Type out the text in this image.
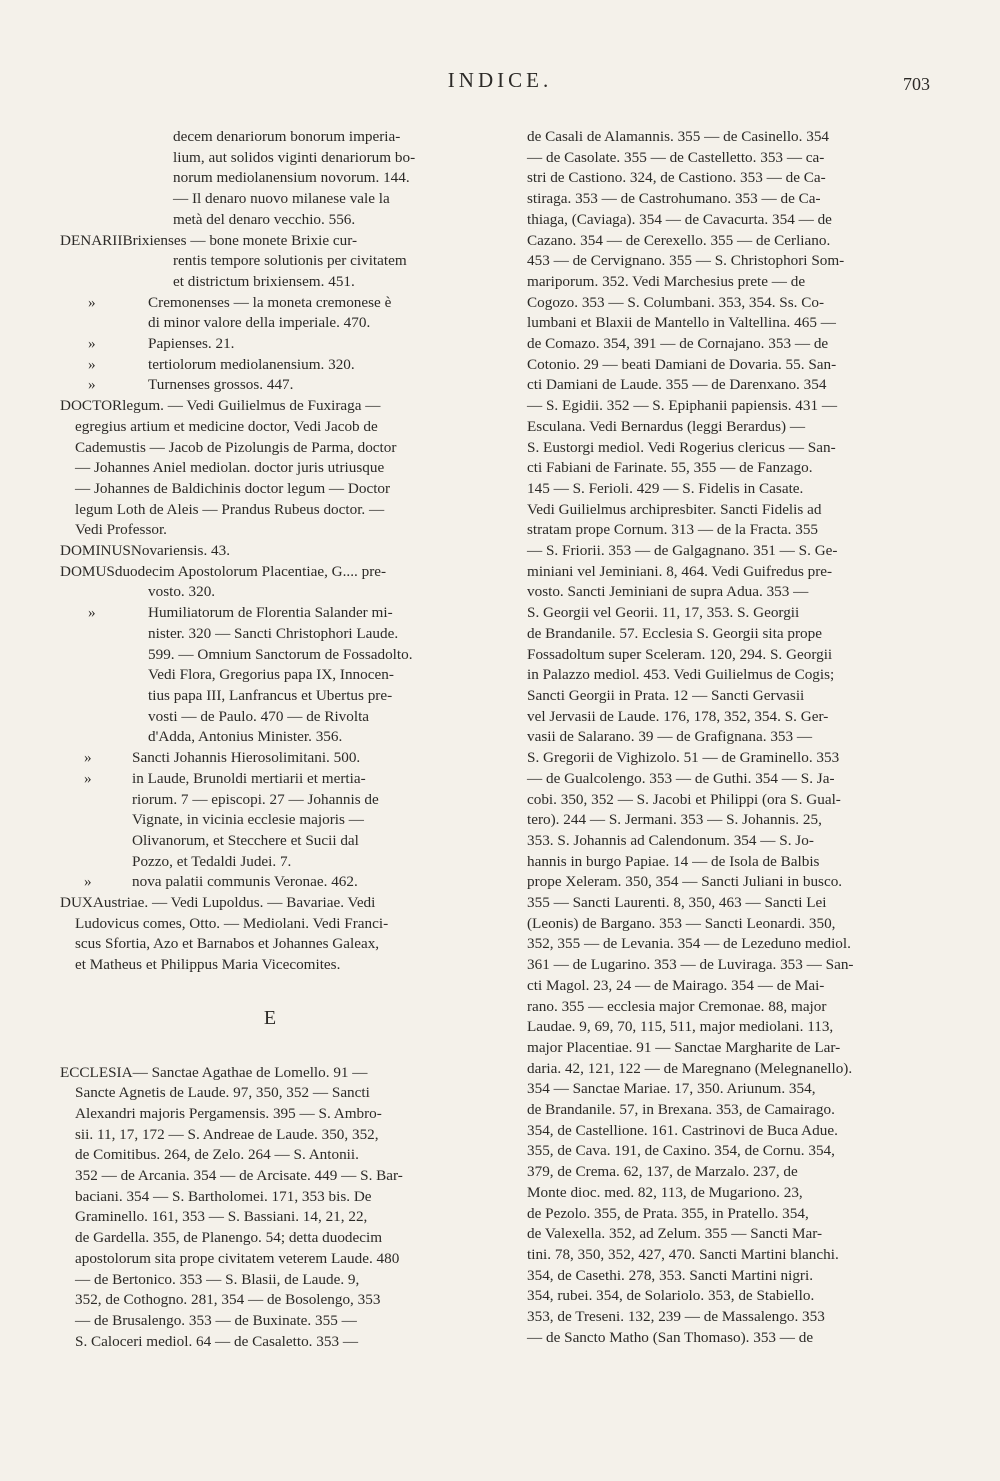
INDICE.	703
decem denariorum bonorum imperia-
lium, aut solidos viginti denariorum bo-
norum mediolanensium novorum. 144.
— Il denaro nuovo milanese vale la
metà del denaro vecchio. 556.
DENARIIBrixienses — bone monete Brixie cur-
rentis tempore solutionis per civitatem
et districtum brixiensem. 451.
»	Cremonenses — la moneta cremonese è
di minor valore della imperiale. 470.
»	Papienses. 21.
»	tertiolorum mediolanensium. 320.
»	Turnenses grossos. 447.
DOCTORlegum. — Vedi Guilielmus de Fuxiraga —
egregius artium et medicine doctor, Vedi Jacob de
Cademustis — Jacob de Pizolungis de Parma, doctor
— Johannes Aniel mediolan. doctor juris utriusque
— Johannes de Baldichinis doctor legum — Doctor
legum Loth de Aleis — Prandus Rubeus doctor. —
Vedi Professor.
DOMINUSNovariensis. 43.
DOMUSduodecim Apostolorum Placentiae, G.... pre-
vosto. 320.
»	Humiliatorum de Florentia Salander mi-
nister. 320 — Sancti Christophori Laude.
599. — Omnium Sanctorum de Fossadolto.
Vedi Flora, Gregorius papa IX, Innocen-
tius papa III, Lanfrancus et Ubertus pre-
vosti — de Paulo. 470 — de Rivolta
d'Adda, Antonius Minister. 356.
»	Sancti Johannis Hierosolimitani. 500.
»	in Laude, Brunoldi mertiarii et mertia-
riorum. 7 — episcopi. 27 — Johannis de
Vignate, in vicinia ecclesie majoris —
Olivanorum, et Stecchere et Sucii dal
Pozzo, et Tedaldi Judei. 7.
»	nova palatii communis Veronae. 462.
DUXAustriae. — Vedi Lupoldus. — Bavariae. Vedi
Ludovicus comes, Otto. — Mediolani. Vedi Franci-
scus Sfortia, Azo et Barnabos et Johannes Galeax,
et Matheus et Philippus Maria Vicecomites.
E
ECCLESIA— Sanctae Agathae de Lomello. 91 —
Sancte Agnetis de Laude. 97, 350, 352 — Sancti
Alexandri majoris Pergamensis. 395 — S. Ambro-
sii. 11, 17, 172 — S. Andreae de Laude. 350, 352,
de Comitibus. 264, de Zelo. 264 — S. Antonii.
352 — de Arcania. 354 — de Arcisate. 449 — S. Bar-
baciani. 354 — S. Bartholomei. 171, 353 bis. De
Graminello. 161, 353 — S. Bassiani. 14, 21, 22,
de Gardella. 355, de Planengo. 54; detta duodecim
apostolorum sita prope civitatem veterem Laude. 480
— de Bertonico. 353 — S. Blasii, de Laude. 9,
352, de Cothogno. 281, 354 — de Bosolengo, 353
— de Brusalengo. 353 — de Buxinate. 355 —
S. Caloceri mediol. 64 — de Casaletto. 353 —
de Casali de Alamannis. 355 — de Casinello. 354
— de Casolate. 355 — de Castelletto. 353 — ca-
stri de Castiono. 324, de Castiono. 353 — de Ca-
stiraga. 353 — de Castrohumano. 353 — de Ca-
thiaga, (Caviaga). 354 — de Cavacurta. 354 — de
Cazano. 354 — de Cerexello. 355 — de Cerliano.
453 — de Cervignano. 355 — S. Christophori Som-
mariporum. 352. Vedi Marchesius prete — de
Cogozo. 353 — S. Columbani. 353, 354. Ss. Co-
lumbani et Blaxii de Mantello in Valtellina. 465 —
de Comazo. 354, 391 — de Cornajano. 353 — de
Cotonio. 29 — beati Damiani de Dovaria. 55. San-
cti Damiani de Laude. 355 — de Darenxano. 354
— S. Egidii. 352 — S. Epiphanii papiensis. 431 —
Esculana. Vedi Bernardus (leggi Berardus) —
S. Eustorgi mediol. Vedi Rogerius clericus — San-
cti Fabiani de Farinate. 55, 355 — de Fanzago.
145 — S. Ferioli. 429 — S. Fidelis in Casate.
Vedi Guilielmus archipresbiter. Sancti Fidelis ad
stratam prope Cornum. 313 — de la Fracta. 355
— S. Friorii. 353 — de Galgagnano. 351 — S. Ge-
miniani vel Jeminiani. 8, 464. Vedi Guifredus pre-
vosto. Sancti Jeminiani de supra Adua. 353 —
S. Georgii vel Georii. 11, 17, 353. S. Georgii
de Brandanile. 57. Ecclesia S. Georgii sita prope
Fossadoltum super Sceleram. 120, 294. S. Georgii
in Palazzo mediol. 453. Vedi Guilielmus de Cogis;
Sancti Georgii in Prata. 12 — Sancti Gervasii
vel Jervasii de Laude. 176, 178, 352, 354. S. Ger-
vasii de Salarano. 39 — de Grafignana. 353 —
S. Gregorii de Vighizolo. 51 — de Graminello. 353
— de Gualcolengo. 353 — de Guthi. 354 — S. Ja-
cobi. 350, 352 — S. Jacobi et Philippi (ora S. Gual-
tero). 244 — S. Jermani. 353 — S. Johannis. 25,
353. S. Johannis ad Calendonum. 354 — S. Jo-
hannis in burgo Papiae. 14 — de Isola de Balbis
prope Xeleram. 350, 354 — Sancti Juliani in busco.
355 — Sancti Laurenti. 8, 350, 463 — Sancti Lei
(Leonis) de Bargano. 353 — Sancti Leonardi. 350,
352, 355 — de Levania. 354 — de Lezeduno mediol.
361 — de Lugarino. 353 — de Luviraga. 353 — San-
cti Magol. 23, 24 — de Mairago. 354 — de Mai-
rano. 355 — ecclesia major Cremonae. 88, major
Laudae. 9, 69, 70, 115, 511, major mediolani. 113,
major Placentiae. 91 — Sanctae Margharite de Lar-
daria. 42, 121, 122 — de Maregnano (Melegnanello).
354 — Sanctae Mariae. 17, 350. Ariunum. 354,
de Brandanile. 57, in Brexana. 353, de Camairago.
354, de Castellione. 161. Castrinovi de Buca Adue.
355, de Cava. 191, de Caxino. 354, de Cornu. 354,
379, de Crema. 62, 137, de Marzalo. 237, de
Monte dioc. med. 82, 113, de Mugariono. 23,
de Pezolo. 355, de Prata. 355, in Pratello. 354,
de Valexella. 352, ad Zelum. 355 — Sancti Mar-
tini. 78, 350, 352, 427, 470. Sancti Martini blanchi.
354, de Casethi. 278, 353. Sancti Martini nigri.
354, rubei. 354, de Solariolo. 353, de Stabiello.
353, de Treseni. 132, 239 — de Massalengo. 353
— de Sancto Matho (San Thomaso). 353 — de
